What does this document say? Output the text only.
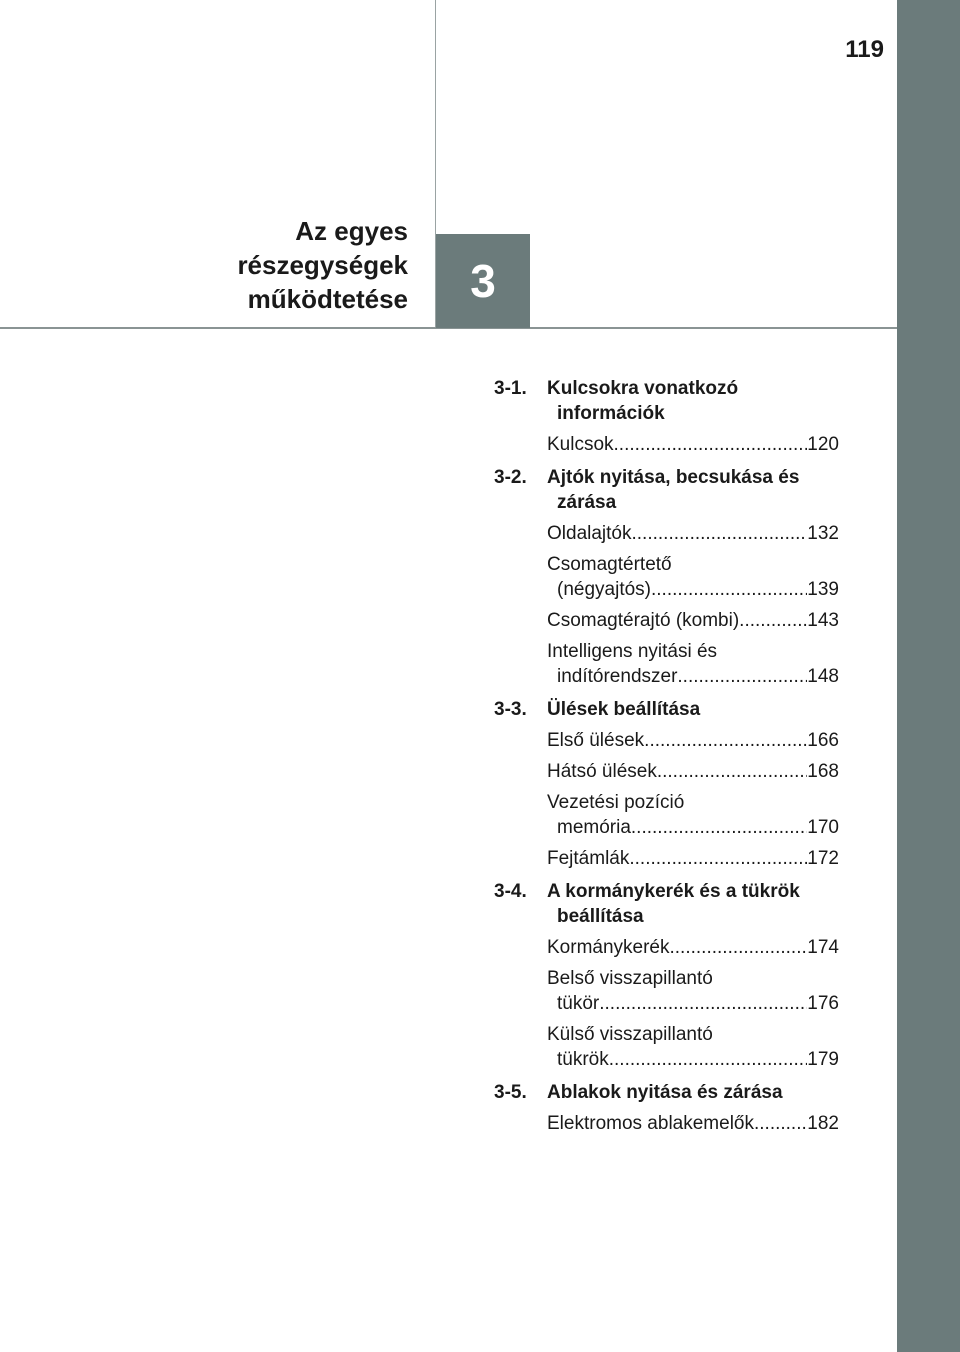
119
Az egyes
részegységek
működtetése	3
3-1. Kulcsokra vonatkozó
információk
Kulcsok .....	120
3-2. Ajtók nyitása, becsukása és
zárása
Oldalajtók .....	132
Csomagtértető
(négyajtós) .....	139
Csomagtérajtó (kombi) .....	143
Intelligens nyitási és
indítórendszer .....	148
3-3. Ülések beállítása
Első ülések .....	166
Hátsó ülések .....	168
Vezetési pozíció
memória .....	170
Fejtámlák .....	172
3-4. A kormánykerék és a tükrök
beállítása
Kormánykerék .....	174
Belső visszapillantó
tükör .....	176
Külső visszapillantó
tükrök .....	179
3-5. Ablakok nyitása és zárása
Elektromos ablakemelők .....	182
